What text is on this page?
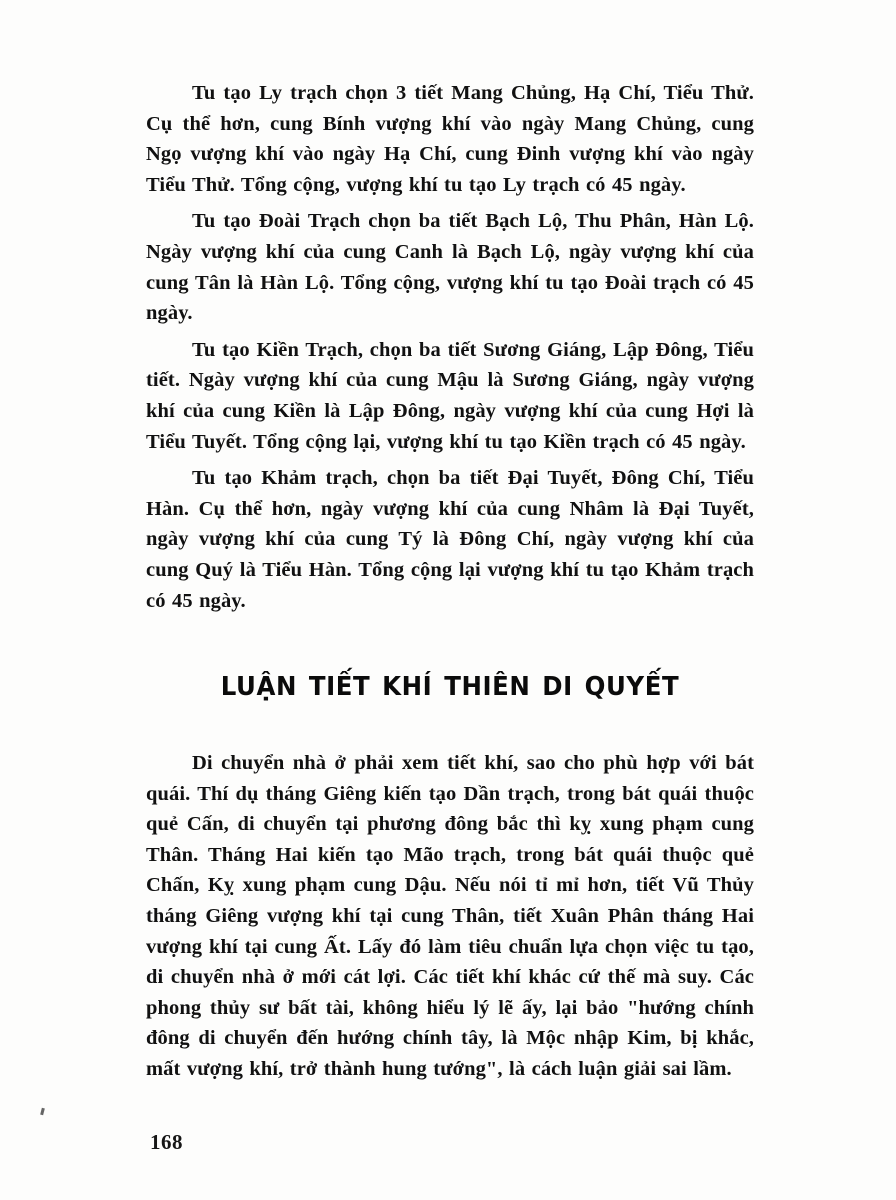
Tu tạo Ly trạch chọn 3 tiết Mang Chủng, Hạ Chí, Tiểu Thử. Cụ thể hơn, cung Bính vượng khí vào ngày Mang Chủng, cung Ngọ vượng khí vào ngày Hạ Chí, cung Đinh vượng khí vào ngày Tiểu Thử. Tổng cộng, vượng khí tu tạo Ly trạch có 45 ngày.

Tu tạo Đoài Trạch chọn ba tiết Bạch Lộ, Thu Phân, Hàn Lộ. Ngày vượng khí của cung Canh là Bạch Lộ, ngày vượng khí của cung Tân là Hàn Lộ. Tổng cộng, vượng khí tu tạo Đoài trạch có 45 ngày.

Tu tạo Kiền Trạch, chọn ba tiết Sương Giáng, Lập Đông, Tiểu tiết. Ngày vượng khí của cung Mậu là Sương Giáng, ngày vượng khí của cung Kiền là Lập Đông, ngày vượng khí của cung Hợi là Tiểu Tuyết. Tổng cộng lại, vượng khí tu tạo Kiền trạch có 45 ngày.

Tu tạo Khảm trạch, chọn ba tiết Đại Tuyết, Đông Chí, Tiểu Hàn. Cụ thể hơn, ngày vượng khí của cung Nhâm là Đại Tuyết, ngày vượng khí của cung Tý là Đông Chí, ngày vượng khí của cung Quý là Tiểu Hàn. Tổng cộng lại vượng khí tu tạo Khảm trạch có 45 ngày.

LUẬN TIẾT KHÍ THIÊN DI QUYẾT

Di chuyển nhà ở phải xem tiết khí, sao cho phù hợp với bát quái. Thí dụ tháng Giêng kiến tạo Dần trạch, trong bát quái thuộc quẻ Cấn, di chuyển tại phương đông bắc thì kỵ xung phạm cung Thân. Tháng Hai kiến tạo Mão trạch, trong bát quái thuộc quẻ Chấn, Kỵ xung phạm cung Dậu. Nếu nói tỉ mỉ hơn, tiết Vũ Thủy tháng Giêng vượng khí tại cung Thân, tiết Xuân Phân tháng Hai vượng khí tại cung Ất. Lấy đó làm tiêu chuẩn lựa chọn việc tu tạo, di chuyển nhà ở mới cát lợi. Các tiết khí khác cứ thế mà suy. Các phong thủy sư bất tài, không hiểu lý lẽ ấy, lại bảo "hướng chính đông di chuyển đến hướng chính tây, là Mộc nhập Kim, bị khắc, mất vượng khí, trở thành hung tướng", là cách luận giải sai lầm.

168
